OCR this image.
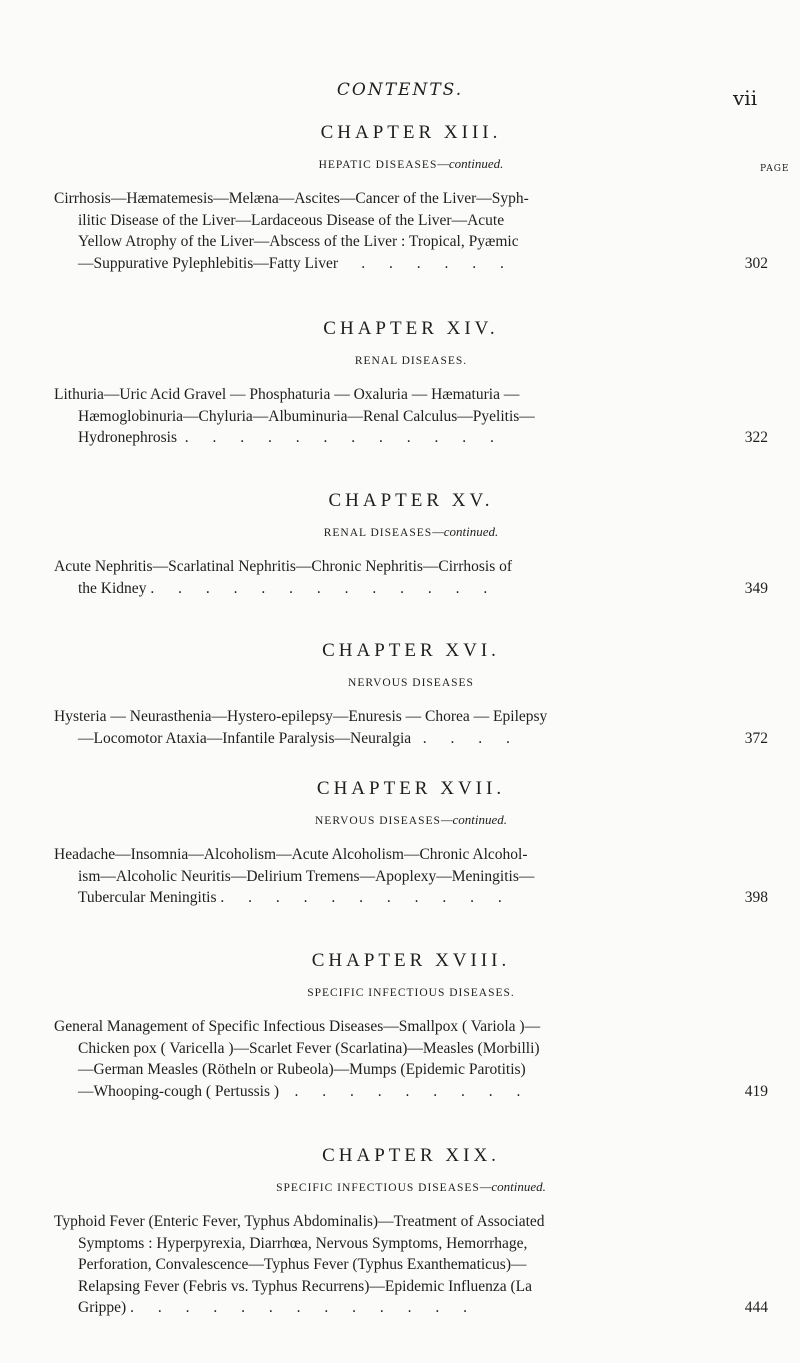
CONTENTS.	vii
PAGE
CHAPTER XIII.
HEPATIC DISEASES—continued.
Cirrhosis—Hæmatemesis—Melæna—Ascites—Cancer of the Liver—Syph-
ilitic Disease of the Liver—Lardaceous Disease of the Liver—Acute
Yellow Atrophy of the Liver—Abscess of the Liver : Tropical, Pyæmic
—Suppurative Pylephlebitis—Fatty Liver . . . . . .	302
CHAPTER XIV.
RENAL DISEASES.
Lithuria—Uric Acid Gravel — Phosphaturia — Oxaluria — Hæmaturia —
Hæmoglobinuria—Chyluria—Albuminuria—Renal Calculus—Pyelitis—
Hydronephrosis . . . . . . . . . . . .	322
CHAPTER XV.
RENAL DISEASES—continued.
Acute Nephritis—Scarlatinal Nephritis—Chronic Nephritis—Cirrhosis of
the Kidney . . . . . . . . . . . . .	349
CHAPTER XVI.
NERVOUS DISEASES
Hysteria — Neurasthenia—Hystero-epilepsy—Enuresis — Chorea — Epilepsy
—Locomotor Ataxia—Infantile Paralysis—Neuralgia . . . .	372
CHAPTER XVII.
NERVOUS DISEASES—continued.
Headache—Insomnia—Alcoholism—Acute Alcoholism—Chronic Alcohol-
ism—Alcoholic Neuritis—Delirium Tremens—Apoplexy—Meningitis—
Tubercular Meningitis . . . . . . . . . . .	398
CHAPTER XVIII.
SPECIFIC INFECTIOUS DISEASES.
General Management of Specific Infectious Diseases—Smallpox ( Variola )—
Chicken pox ( Varicella )—Scarlet Fever (Scarlatina)—Measles (Morbilli)
—German Measles (Rötheln or Rubeola)—Mumps (Epidemic Parotitis)
—Whooping-cough ( Pertussis ) . . . . . . . . .	419
CHAPTER XIX.
SPECIFIC INFECTIOUS DISEASES—continued.
Typhoid Fever (Enteric Fever, Typhus Abdominalis)—Treatment of Associated
Symptoms : Hyperpyrexia, Diarrhœa, Nervous Symptoms, Hemorrhage,
Perforation, Convalescence—Typhus Fever (Typhus Exanthematicus)—
Relapsing Fever (Febris vs. Typhus Recurrens)—Epidemic Influenza (La
Grippe) . . . . . . . . . . . . .	444
